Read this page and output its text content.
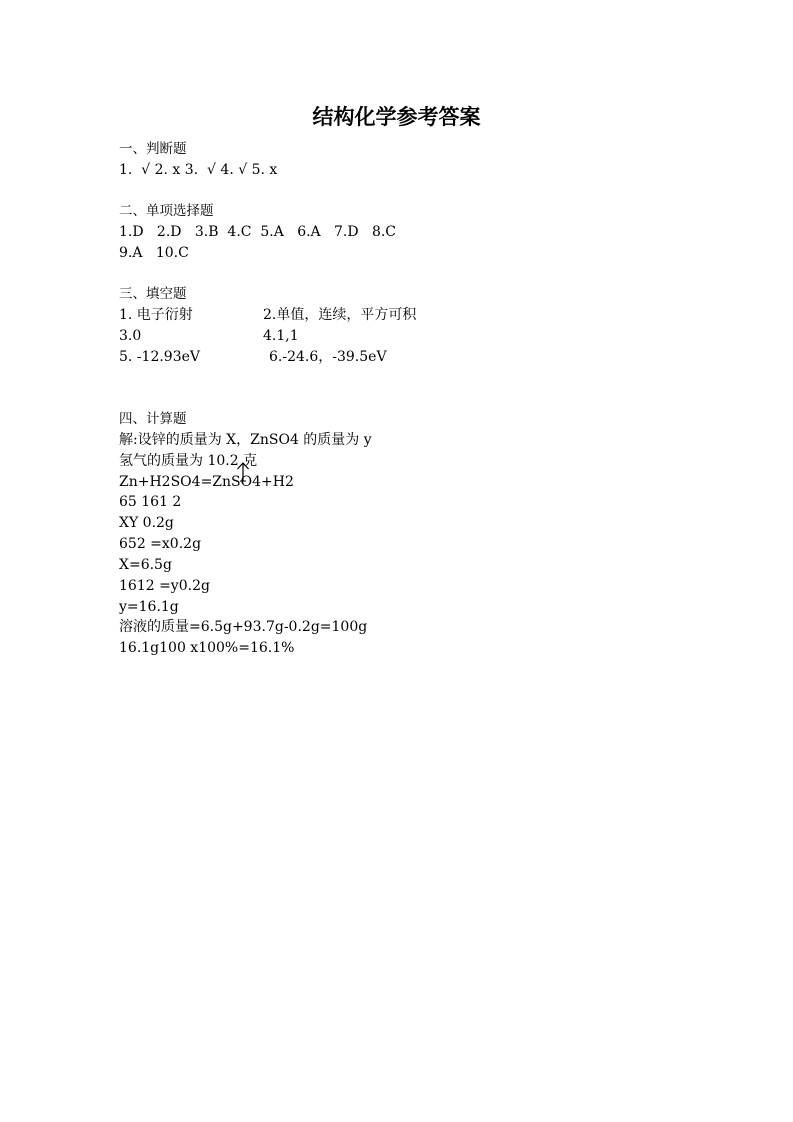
结构化学参考答案
一、判断题
1.  √ 2. x 3.  √ 4. √ 5. x
二、单项选择题
1.D   2.D   3.B  4.C  5.A   6.A   7.D   8.C
9.A   10.C
三、填空题
1. 电子衍射	2.单值，连续，平方可积
3.0	4.1,1
5. -12.93eV	6.-24.6，-39.5eV
四、计算题
解:设锌的质量为 X，ZnSO4 的质量为 y
氢气的质量为 10.2 克
Zn+H2SO4=ZnSO4+H2
65 161 2
XY 0.2g
652 =x0.2g
X=6.5g
1612 =y0.2g
y=16.1g
溶液的质量=6.5g+93.7g-0.2g=100g
16.1g100 x100%=16.1%
